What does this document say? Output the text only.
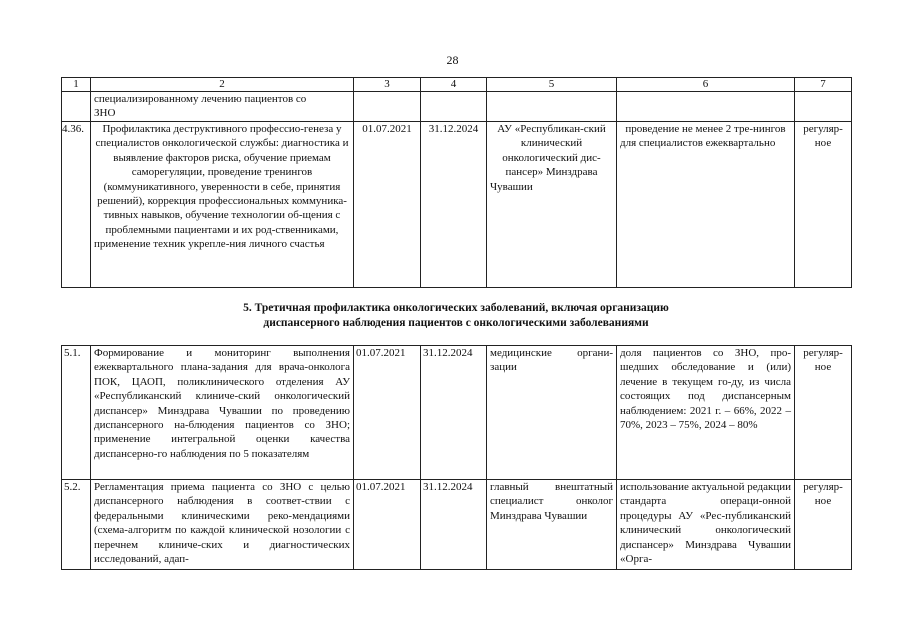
28
1	2	3	4	5	6	7

	специализированному лечению пациентов со
ЗНО					

4.36.	Профилактика деструктивного профессио-генеза у специалистов онкологической службы: диагностика и выявление факторов риска, обучение приемам саморегуляции, проведение тренингов (коммуникативного, уверенности в себе, принятия решений), коррекция профессиональных коммуника-тивных навыков, обучение технологии об-щения с проблемными пациентами и их род-ственниками, применение техник укрепле-ния личного счастья	01.07.2021	31.12.2024	АУ «Республикан-ский клинический онкологический дис-пансер» Минздрава Чувашии	проведение не менее 2 тре-нингов для специалистов ежеквартально	регуляр-ное
5. Третичная профилактика онкологических заболеваний, включая организацию
диспансерного наблюдения пациентов с онкологическими заболеваниями
5.1.	Формирование и мониторинг выполнения ежеквартального плана-задания для врача-онколога ПОК, ЦАОП, поликлинического отделения АУ «Республиканский клиниче-ский онкологический диспансер» Минздрава Чувашии по проведению диспансерного на-блюдения пациентов со ЗНО; применение интегральной оценки качества диспансерно-го наблюдения по 5 показателям	01.07.2021	31.12.2024	медицинские органи-зации	доля пациентов со ЗНО, про-шедших обследование и (или) лечение в текущем го-ду, из числа состоящих под диспансерным наблюдением: 2021 г. – 66%, 2022 – 70%, 2023 – 75%, 2024 – 80%	регуляр-ное
5.2.	Регламентация приема пациента со ЗНО с целью диспансерного наблюдения в соответ-ствии с федеральными клиническими реко-мендациями (схема-алгоритм по каждой клинической нозологии с перечнем клиниче-ских и диагностических исследований, адап-	01.07.2021	31.12.2024	главный внештатный специалист онколог Минздрава Чувашии	использование актуальной редакции стандарта операци-онной процедуры АУ «Рес-публиканский клинический онкологический диспансер» Минздрава Чувашии «Орга-	регуляр-ное
